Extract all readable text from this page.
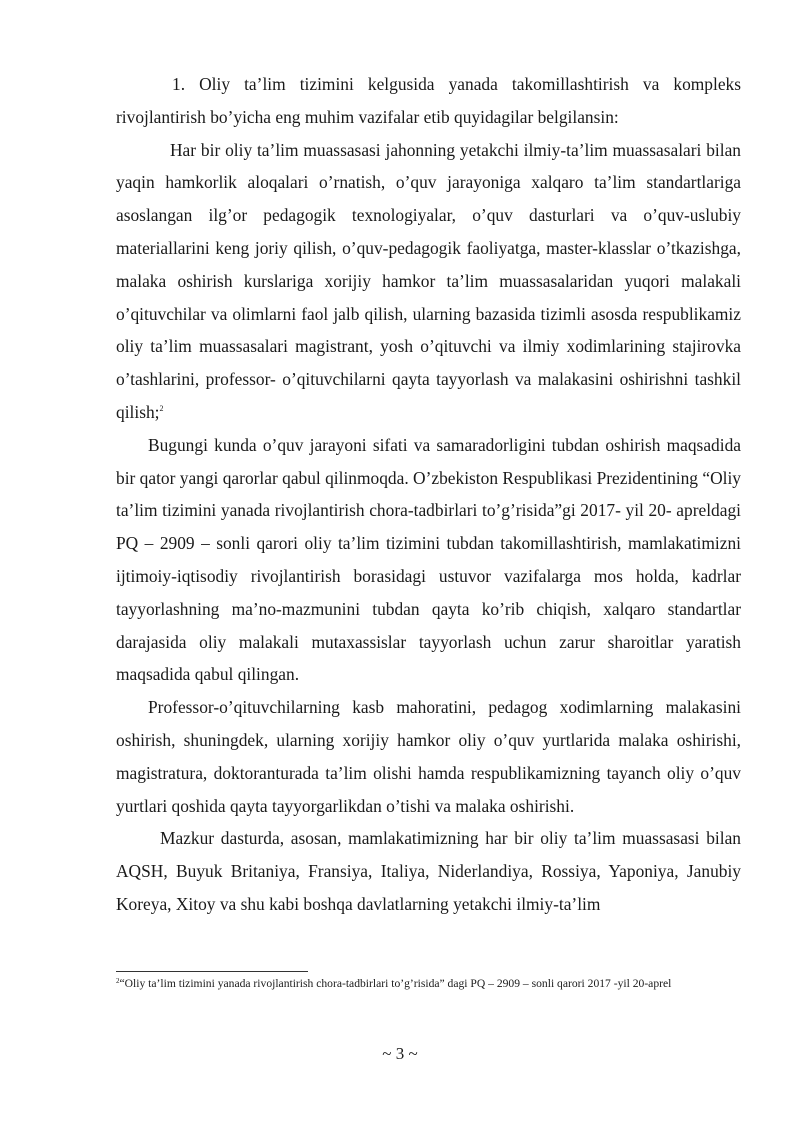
1. Oliy ta’lim tizimini kelgusida yanada takomillashtirish va kompleks rivojlantirish bo’yicha eng muhim vazifalar etib quyidagilar belgilansin:

Har bir oliy ta’lim muassasasi jahonning yetakchi ilmiy-ta’lim muassasalari bilan yaqin hamkorlik aloqalari o’rnatish, o’quv jarayoniga xalqaro ta’lim standartlariga asoslangan ilg’or pedagogik texnologiyalar, o’quv dasturlari va o’quv-uslubiy materiallarini keng joriy qilish, o’quv-pedagogik faoliyatga, master-klasslar o’tkazishga, malaka oshirish kurslariga xorijiy hamkor ta’lim muassasalaridan yuqori malakali o’qituvchilar va olimlarni faol jalb qilish, ularning bazasida tizimli asosda respublikamiz oliy ta’lim muassasalari magistrant, yosh o’qituvchi va ilmiy xodimlarining stajirovka o’tashlarini, professor- o’qituvchilarni qayta tayyorlash va malakasini oshirishni tashkil qilish;$^2$

Bugungi kunda o’quv jarayoni sifati va samaradorligini tubdan oshirish maqsadida bir qator yangi qarorlar qabul qilinmoqda. O’zbekiston Respublikasi Prezidentining “Oliy ta’lim tizimini yanada rivojlantirish chora-tadbirlari to’g’risida”gi 2017- yil 20- apreldagi PQ – 2909 – sonli qarori oliy ta’lim tizimini tubdan takomillashtirish, mamlakatimizni ijtimoiy-iqtisodiy rivojlantirish borasidagi ustuvor vazifalarga mos holda, kadrlar tayyorlashning ma’no-mazmunini tubdan qayta ko’rib chiqish, xalqaro standartlar darajasida oliy malakali mutaxassislar tayyorlash uchun zarur sharoitlar yaratish maqsadida qabul qilingan.

Professor-o’qituvchilarning kasb mahoratini, pedagog xodimlarning malakasini oshirish, shuningdek, ularning xorijiy hamkor oliy o’quv yurtlarida malaka oshirishi, magistratura, doktoranturada ta’lim olishi hamda respublikamizning tayanch oliy o’quv yurtlari qoshida qayta tayyorgarlikdan o’tishi va malaka oshirishi.

Mazkur dasturda, asosan, mamlakatimizning har bir oliy ta’lim muassasasi bilan AQSH, Buyuk Britaniya, Fransiya, Italiya, Niderlandiya, Rossiya, Yaponiya, Janubiy Koreya, Xitoy va shu kabi boshqa davlatlarning yetakchi ilmiy-ta’lim

$^2$“Oliy ta’lim tizimini yanada rivojlantirish chora-tadbirlari to’g’risida” dagi PQ – 2909 – sonli qarori 2017 -yil 20-aprel
~ 3 ~
